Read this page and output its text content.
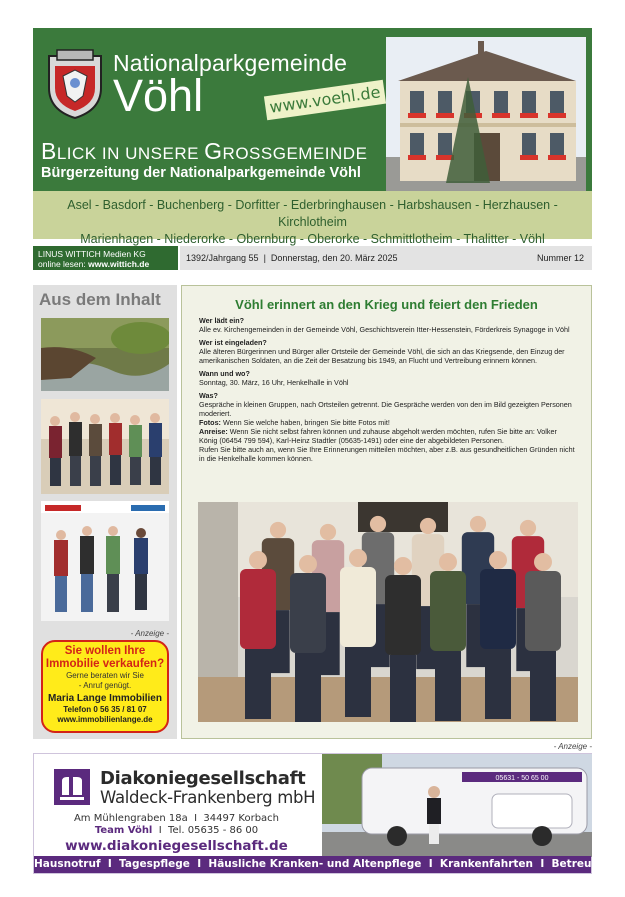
Nationalparkgemeinde
Vöhl	www.voehl.de
BLICK IN UNSERE GROSSGEMEINDE
Bürgerzeitung der Nationalparkgemeinde Vöhl
Asel - Basdorf - Buchenberg - Dorfitter - Ederbringhausen - Harbshausen - Herzhausen - Kirchlotheim
Marienhagen - Niederorke - Obernburg - Oberorke - Schmittlotheim - Thalitter - Vöhl
LINUS WITTICH Medien KG
online lesen: www.wittich.de
1392/Jahrgang 55  |  Donnerstag, den 20. März 2025	Nummer 12
Aus dem Inhalt
- Anzeige -
Sie wollen Ihre
Immobilie verkaufen?
Gerne beraten wir Sie
- Anruf genügt.
Maria Lange Immobilien
Telefon 0 56 35 / 81 07
www.immobilienlange.de
Vöhl erinnert an den Krieg und feiert den Frieden
Wer lädt ein?
Alle ev. Kirchengemeinden in der Gemeinde Vöhl, Geschichtsverein Itter-Hessenstein, Förderkreis Synagoge in Vöhl
Wer ist eingeladen?
Alle älteren Bürgerinnen und Bürger aller Ortsteile der Gemeinde Vöhl, die sich an das Kriegsende, den Einzug der amerikanischen Soldaten, an die Zeit der Besatzung bis 1949, an Flucht und Vertreibung erinnern können.
Wann und wo?
Sonntag, 30. März, 16 Uhr, Henkelhalle in Vöhl
Was?
Gespräche in kleinen Gruppen, nach Ortsteilen getrennt. Die Gespräche werden von den im Bild gezeigten Personen moderiert.
Fotos: Wenn Sie welche haben, bringen Sie bitte Fotos mit!
Anreise: Wenn Sie nicht selbst fahren können und zuhause abgeholt werden möchten, rufen Sie bitte an: Volker König (06454 799 594), Karl-Heinz Stadtler (05635-1491) oder eine der abgebildeten Personen.
Rufen Sie bitte auch an, wenn Sie Ihre Erinnerungen mitteilen möchten, aber z.B. aus gesundheitlichen Gründen nicht in die Henkelhalle kommen können.
- Anzeige -
Diakoniegesellschaft
Waldeck-Frankenberg mbH
Am Mühlengraben 18a  I  34497 Korbach
Team Vöhl  I  Tel. 05635 - 86 00
www.diakoniegesellschaft.de
05631 - 50 65 00
Hausnotruf  I  Tagespflege  I  Häusliche Kranken- und Altenpflege  I  Krankenfahrten  I  Betreuung
